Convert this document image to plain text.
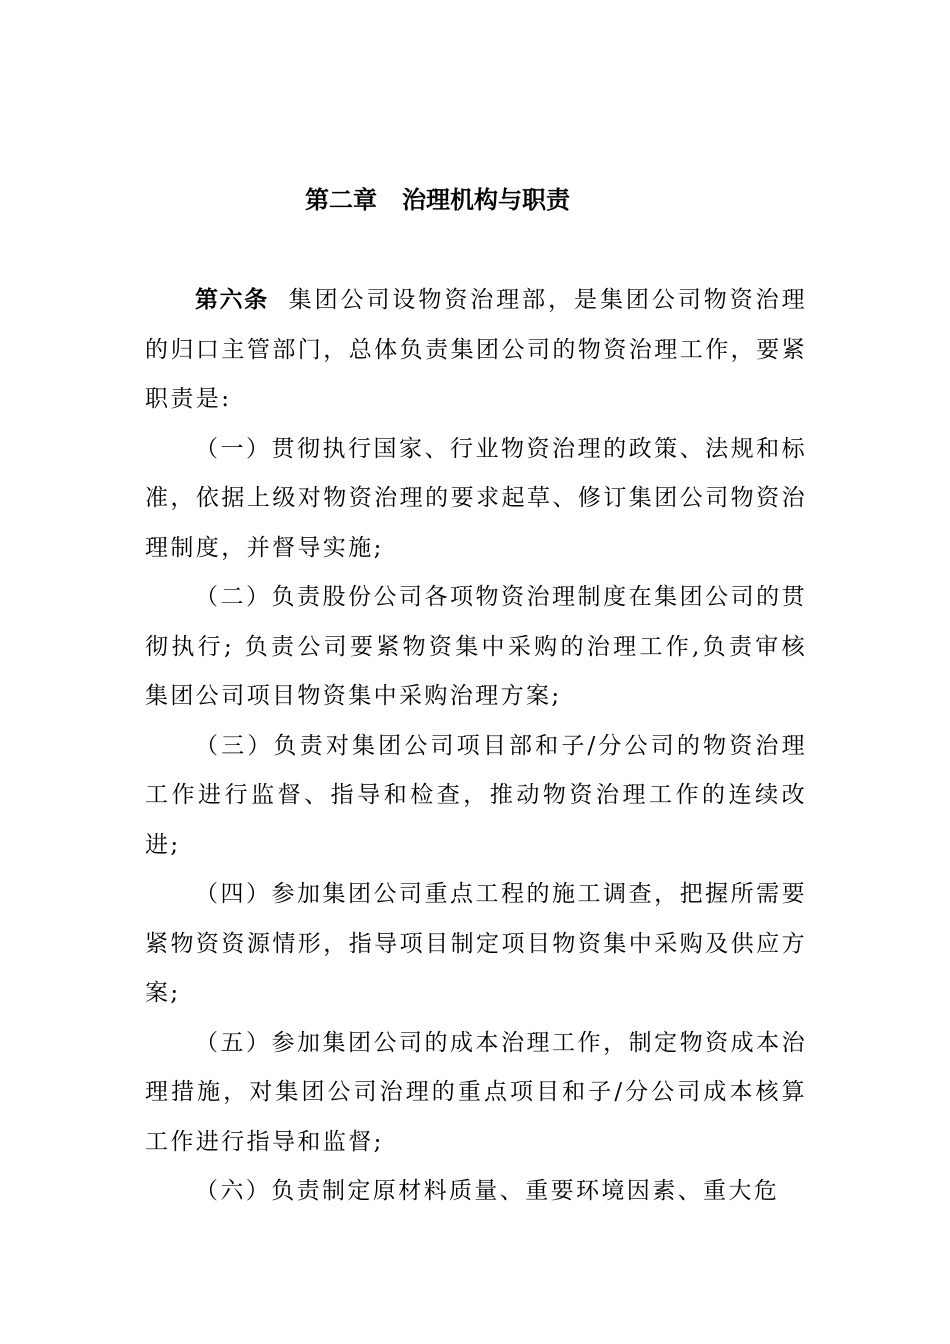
第二章   治理机构与职责

第六条 集团公司设物资治理部，是集团公司物资治理的归口主管部门，总体负责集团公司的物资治理工作，要紧职责是:

（一）贯彻执行国家、行业物资治理的政策、法规和标准，依据上级对物资治理的要求起草、修订集团公司物资治理制度，并督导实施;

（二）负责股份公司各项物资治理制度在集团公司的贯彻执行; 负责公司要紧物资集中采购的治理工作,负责审核集团公司项目物资集中采购治理方案;

（三）负责对集团公司项目部和子/分公司的物资治理工作进行监督、指导和检查，推动物资治理工作的连续改进;

（四）参加集团公司重点工程的施工调查，把握所需要紧物资资源情形，指导项目制定项目物资集中采购及供应方案;

（五）参加集团公司的成本治理工作，制定物资成本治理措施，对集团公司治理的重点项目和子/分公司成本核算工作进行指导和监督;

（六）负责制定原材料质量、重要环境因素、重大危
